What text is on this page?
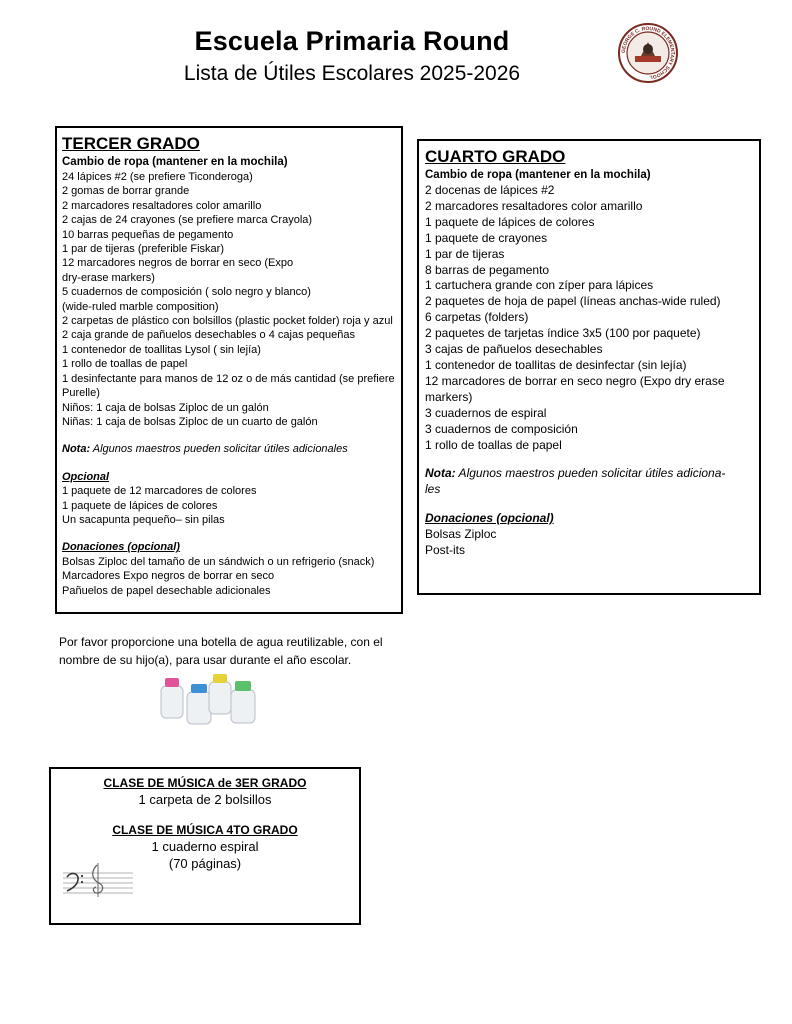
Escuela Primaria Round
Lista de Útiles Escolares 2025-2026
GEORGE C. ROUND ELEMENTARY SCHOOL
TERCER GRADO
Cambio de ropa (mantener en la mochila)
24 lápices #2 (se prefiere Ticonderoga)
2 gomas de borrar grande
2 marcadores resaltadores color amarillo
2 cajas de 24 crayones (se prefiere marca Crayola)
10 barras pequeñas de pegamento
1 par de tijeras (preferible Fiskar)
12 marcadores negros de borrar en seco (Expo
dry-erase markers)
5 cuadernos de composición ( solo negro y blanco)
(wide-ruled marble composition)
2 carpetas de plástico con bolsillos (plastic pocket folder) roja y azul
2 caja grande de pañuelos desechables o 4 cajas pequeñas
1 contenedor de toallitas Lysol ( sin lejía)
1 rollo de toallas de papel
1 desinfectante para manos de 12 oz o de más cantidad (se prefiere
Purelle)
Niños: 1 caja de bolsas Ziploc de un galón
Niñas: 1 caja de bolsas Ziploc de un cuarto de galón
Nota: Algunos maestros pueden solicitar útiles adicionales
Opcional
1 paquete de 12 marcadores de colores
1 paquete de lápices de colores
Un sacapunta pequeño– sin pilas
Donaciones (opcional)
Bolsas Ziploc del tamaño de un sándwich o un refrigerio (snack)
Marcadores Expo negros de borrar en seco
Pañuelos de papel desechable adicionales
CUARTO GRADO
Cambio de ropa (mantener en la mochila)
2 docenas de lápices #2
2 marcadores resaltadores color amarillo
1 paquete de lápices de colores
1 paquete de crayones
1 par de tijeras
8 barras de pegamento
1 cartuchera grande con zíper para lápices
2 paquetes de hoja de papel (líneas anchas-wide ruled)
6 carpetas (folders)
2 paquetes de tarjetas índice 3x5 (100 por paquete)
3 cajas de pañuelos desechables
1 contenedor de toallitas de desinfectar (sin lejía)
12 marcadores de borrar en seco negro (Expo dry erase
markers)
3 cuadernos de espiral
3 cuadernos de composición
1 rollo de toallas de papel
Nota: Algunos maestros pueden solicitar útiles adiciona-
les
Donaciones (opcional)
Bolsas Ziploc
Post-its
Por favor proporcione una botella de agua reutilizable, con el
nombre de su hijo(a), para usar durante el año escolar.
CLASE DE MÚSICA de 3ER GRADO
1 carpeta de 2 bolsillos
CLASE DE MÚSICA 4TO GRADO
1 cuaderno espiral
(70 páginas)
